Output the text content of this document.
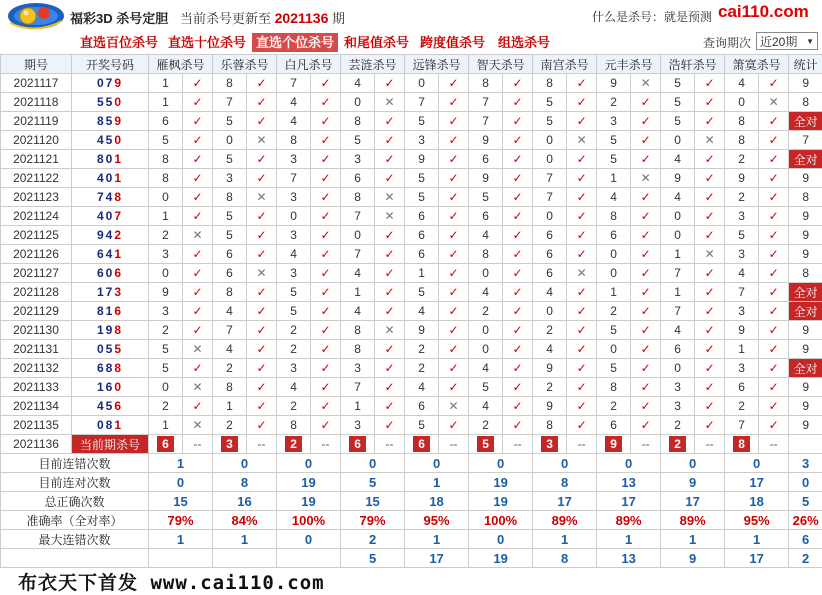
福彩3D 杀号定胆 当前杀号更新至 2021136 期	什么是杀号：就是预测 cai110.com
直选百位杀号 直选十位杀号 直选个位杀号 和尾值杀号 跨度值杀号 组选杀号	查询期次 近20期 ▼
期号	开奖号码	雁枫杀号		乐蓉杀号		白凡杀号		芸涟杀号		远锋杀号		智天杀号		南宫杀号		元丰杀号		浩轩杀号		箫寞杀号		统计
2021117	079	1	✓	8	✓	7	✓	4	✓	0	✓	8	✓	8	✓	9	✕	5	✓	4	✓	9
2021118	550	1	✓	7	✓	4	✓	0	✕	7	✓	7	✓	5	✓	2	✓	5	✓	0	✕	8
2021119	859	6	✓	5	✓	4	✓	8	✓	5	✓	7	✓	5	✓	3	✓	5	✓	8	✓	全对
2021120	450	5	✓	0	✕	8	✓	5	✓	3	✓	9	✓	0	✕	5	✓	0	✕	8	✓	7
2021121	801	8	✓	5	✓	3	✓	3	✓	9	✓	6	✓	0	✓	5	✓	4	✓	2	✓	全对
2021122	401	8	✓	3	✓	7	✓	6	✓	5	✓	9	✓	7	✓	1	✕	9	✓	9	✓	9
2021123	748	0	✓	8	✕	3	✓	8	✕	5	✓	5	✓	7	✓	4	✓	4	✓	2	✓	8
2021124	407	1	✓	5	✓	0	✓	7	✕	6	✓	6	✓	0	✓	8	✓	0	✓	3	✓	9
2021125	942	2	✕	5	✓	3	✓	0	✓	6	✓	4	✓	6	✓	6	✓	0	✓	5	✓	9
2021126	641	3	✓	6	✓	4	✓	7	✓	6	✓	8	✓	6	✓	0	✓	1	✕	3	✓	9
2021127	606	0	✓	6	✕	3	✓	4	✓	1	✓	0	✓	6	✕	0	✓	7	✓	4	✓	8
2021128	173	9	✓	8	✓	5	✓	1	✓	5	✓	4	✓	4	✓	1	✓	1	✓	7	✓	全对
2021129	816	3	✓	4	✓	5	✓	4	✓	4	✓	2	✓	0	✓	2	✓	7	✓	3	✓	全对
2021130	198	2	✓	7	✓	2	✓	8	✕	9	✓	0	✓	2	✓	5	✓	4	✓	9	✓	9
2021131	055	5	✕	4	✓	2	✓	8	✓	2	✓	0	✓	4	✓	0	✓	6	✓	1	✓	9
2021132	688	5	✓	2	✓	3	✓	3	✓	2	✓	4	✓	9	✓	5	✓	0	✓	3	✓	全对
2021133	160	0	✕	8	✓	4	✓	7	✓	4	✓	5	✓	2	✓	8	✓	3	✓	6	✓	9
2021134	456	2	✓	1	✓	2	✓	1	✓	6	✕	4	✓	9	✓	2	✓	3	✓	2	✓	9
2021135	081	1	✕	2	✓	8	✓	3	✓	5	✓	2	✓	8	✓	6	✓	2	✓	7	✓	9
2021136	当前期杀号	6	--	3	--	2	--	6	--	6	--	5	--	3	--	9	--	2	--	8	--	
目前连错次数		1		0		0		0		0		0		0		0		0		0		3
目前连对次数		0		8		19		5		1		19		8		13		9		17		0
总正确次数		15		16		19		15		18		19		17		17		17		18		5
准确率（全对率）		79%		84%		100%		79%		95%		100%		89%		89%		89%		95%		26%
最大连错次数		1		1		0		2		1		0		1		1		1		1		6
								5		17		19		8		13		9		17		2
布衣天下首发 www.cai110.com
